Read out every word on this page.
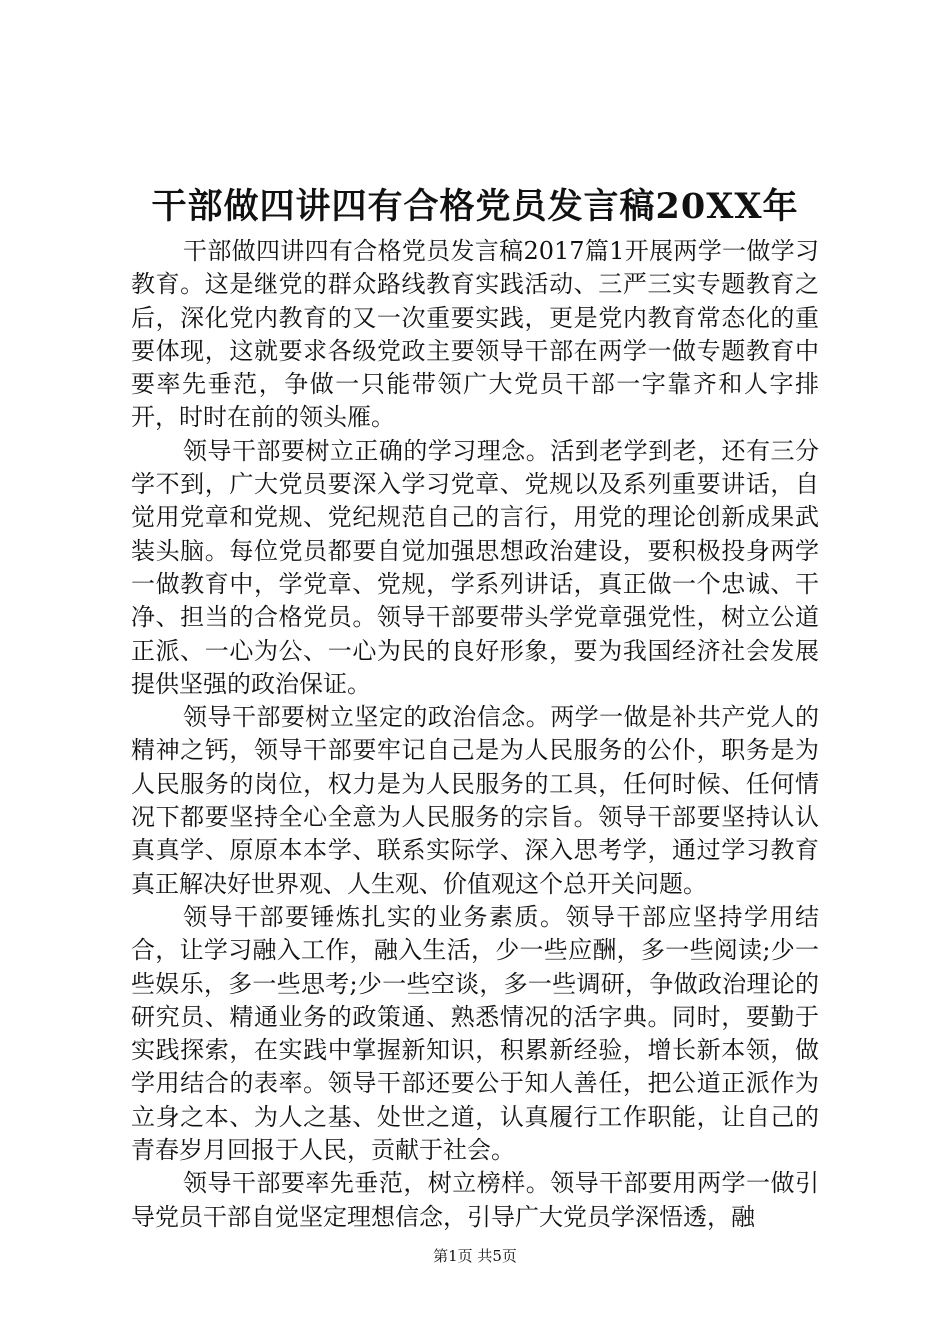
干部做四讲四有合格党员发言稿20XX年

干部做四讲四有合格党员发言稿2017篇1开展两学一做学习教育。这是继党的群众路线教育实践活动、三严三实专题教育之后，深化党内教育的又一次重要实践，更是党内教育常态化的重要体现，这就要求各级党政主要领导干部在两学一做专题教育中要率先垂范，争做一只能带领广大党员干部一字靠齐和人字排开，时时在前的领头雁。

领导干部要树立正确的学习理念。活到老学到老，还有三分学不到，广大党员要深入学习党章、党规以及系列重要讲话，自觉用党章和党规、党纪规范自己的言行，用党的理论创新成果武装头脑。每位党员都要自觉加强思想政治建设，要积极投身两学一做教育中，学党章、党规，学系列讲话，真正做一个忠诚、干净、担当的合格党员。领导干部要带头学党章强党性，树立公道正派、一心为公、一心为民的良好形象，要为我国经济社会发展提供坚强的政治保证。

领导干部要树立坚定的政治信念。两学一做是补共产党人的精神之钙，领导干部要牢记自己是为人民服务的公仆，职务是为人民服务的岗位，权力是为人民服务的工具，任何时候、任何情况下都要坚持全心全意为人民服务的宗旨。领导干部要坚持认认真真学、原原本本学、联系实际学、深入思考学，通过学习教育真正解决好世界观、人生观、价值观这个总开关问题。

领导干部要锤炼扎实的业务素质。领导干部应坚持学用结合，让学习融入工作，融入生活，少一些应酬，多一些阅读;少一些娱乐，多一些思考;少一些空谈，多一些调研，争做政治理论的研究员、精通业务的政策通、熟悉情况的活字典。同时，要勤于实践探索，在实践中掌握新知识，积累新经验，增长新本领，做学用结合的表率。领导干部还要公于知人善任，把公道正派作为立身之本、为人之基、处世之道，认真履行工作职能，让自己的青春岁月回报于人民，贡献于社会。

领导干部要率先垂范，树立榜样。领导干部要用两学一做引导党员干部自觉坚定理想信念，引导广大党员学深悟透，融

第1页 共5页
